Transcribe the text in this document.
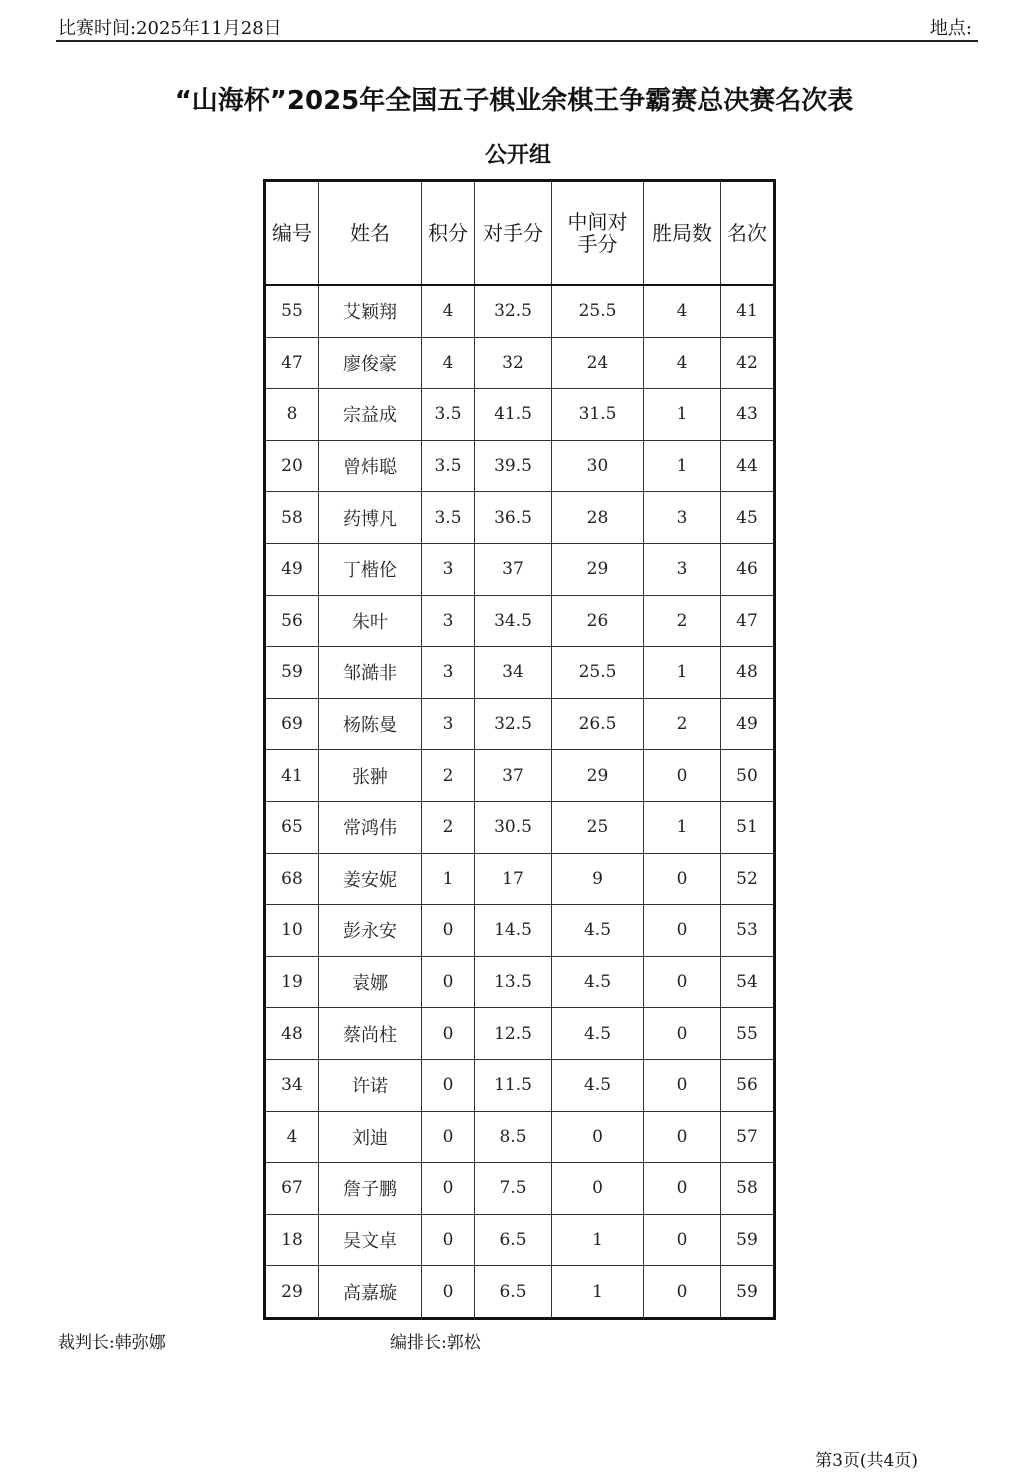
比赛时间:2025年11月28日	地点:
“山海杯”2025年全国五子棋业余棋王争霸赛总决赛名次表
公开组
编号	姓名	积分	对手分	中间对手分	胜局数	名次
55	艾颖翔	4	32.5	25.5	4	41
47	廖俊豪	4	32	24	4	42
8	宗益成	3.5	41.5	31.5	1	43
20	曾炜聪	3.5	39.5	30	1	44
58	药博凡	3.5	36.5	28	3	45
49	丁楷伦	3	37	29	3	46
56	朱叶	3	34.5	26	2	47
59	邹澔非	3	34	25.5	1	48
69	杨陈曼	3	32.5	26.5	2	49
41	张翀	2	37	29	0	50
65	常鸿伟	2	30.5	25	1	51
68	姜安妮	1	17	9	0	52
10	彭永安	0	14.5	4.5	0	53
19	袁娜	0	13.5	4.5	0	54
48	蔡尚柱	0	12.5	4.5	0	55
34	许诺	0	11.5	4.5	0	56
4	刘迪	0	8.5	0	0	57
67	詹子鹏	0	7.5	0	0	58
18	吴文卓	0	6.5	1	0	59
29	高嘉璇	0	6.5	1	0	59
裁判长:韩弥娜	编排长:郭松
第3页(共4页)
